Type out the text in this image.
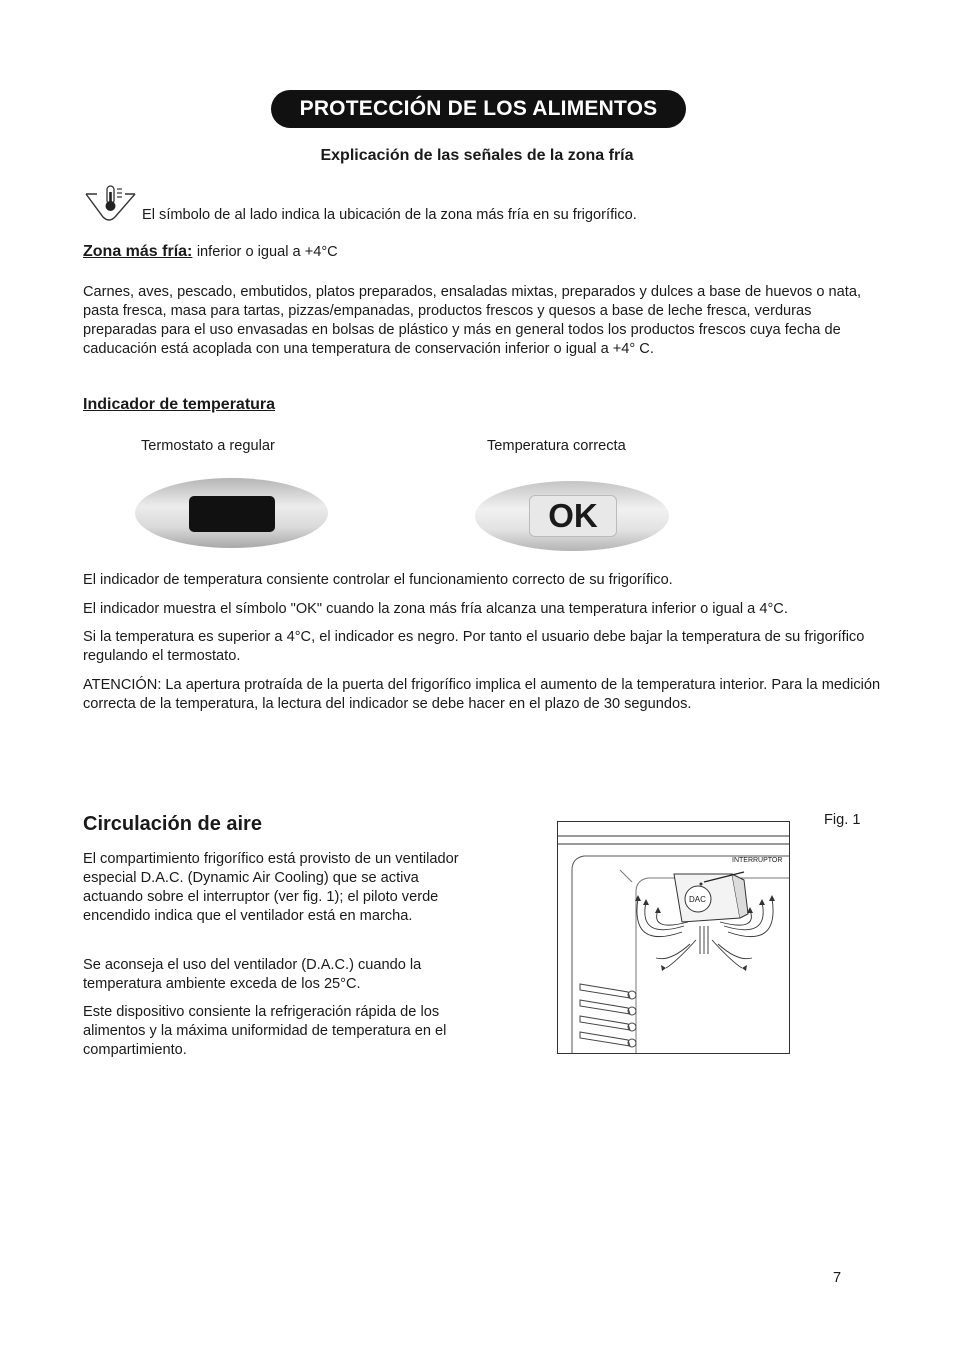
PROTECCIÓN DE LOS ALIMENTOS
Explicación de las señales de la zona fría
El símbolo de al lado indica la ubicación de la zona más fría en su frigorífico.
Zona más fría: inferior o igual a +4°C
Carnes, aves, pescado, embutidos, platos preparados, ensaladas mixtas, preparados y dulces a base de huevos o nata, pasta fresca, masa para tartas, pizzas/empanadas, productos frescos y quesos a base de leche fresca, verduras preparadas para el uso envasadas en bolsas de plástico y más en general todos los productos frescos cuya fecha de caducación está acoplada con una temperatura de conservación inferior o igual a +4° C.
Indicador de temperatura
Termostato a regular	Temperatura correcta
OK
El indicador de temperatura consiente controlar el funcionamiento correcto de su frigorífico.
El indicador muestra el símbolo "OK" cuando la zona más fría alcanza una temperatura inferior o igual a 4°C.
Si la temperatura es superior a 4°C, el indicador es negro. Por tanto el usuario debe bajar la temperatura de su frigorífico regulando el termostato.
ATENCIÓN: La apertura protraída de la puerta del frigorífico implica el aumento de la temperatura interior. Para la medición correcta de la temperatura, la lectura del indicador se debe hacer en el plazo de 30 segundos.
Circulación de aire
El compartimiento frigorífico está provisto de un ventilador especial D.A.C. (Dynamic Air Cooling) que se activa actuando sobre el interruptor (ver fig. 1); el piloto verde encendido indica que el ventilador está en marcha.
Se aconseja el uso del ventilador (D.A.C.) cuando la temperatura ambiente exceda de los 25°C.
Este dispositivo consiente la refrigeración rápida de los alimentos y la máxima uniformidad de temperatura en el compartimiento.
Fig. 1
INTERRUPTOR
DAC
7
